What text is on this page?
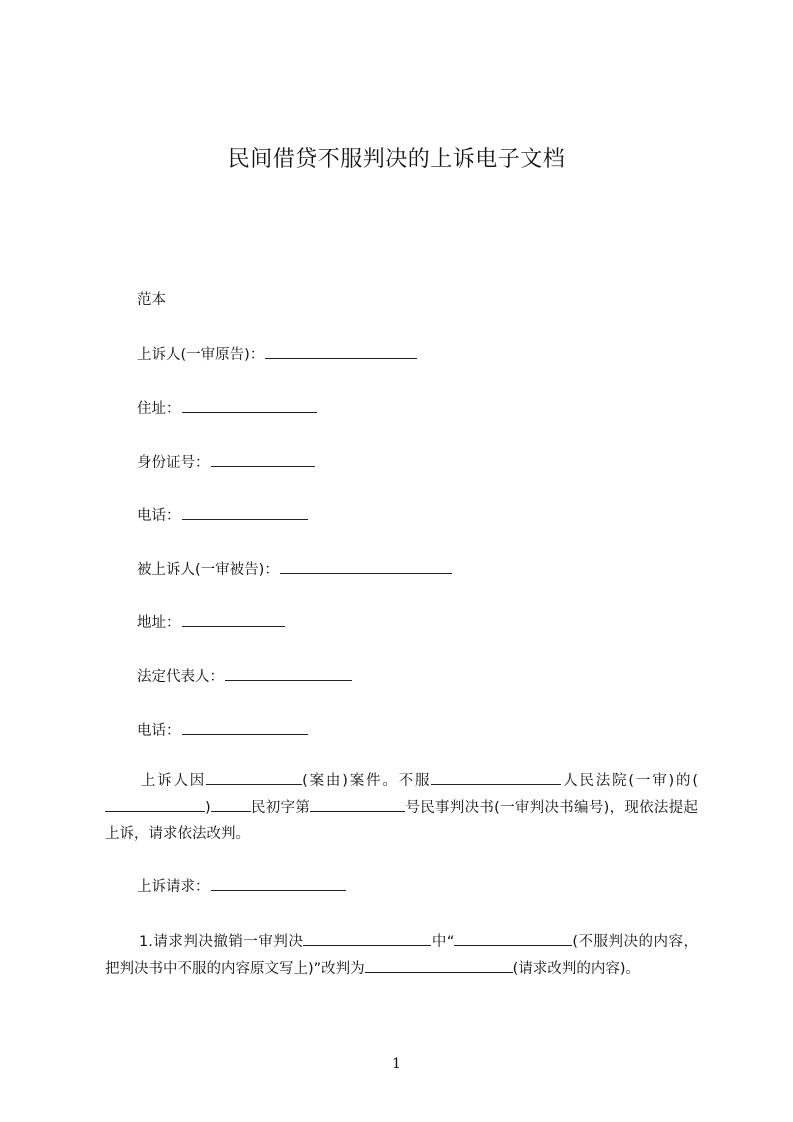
民间借贷不服判决的上诉电子文档
范本
上诉人(一审原告)：
住址：
身份证号：
电话：
被上诉人(一审被告)：
地址：
法定代表人：
电话：
上诉人因	(案由)案件。不服	人民法院(一审)的()	民初字第	号民事判决书(一审判决书编号)，现依法提起上诉，请求依法改判。
上诉请求：
1.请求判决撤销一审判决	中“	(不服判决的内容，把判决书中不服的内容原文写上)”改判为	(请求改判的内容)。
1
